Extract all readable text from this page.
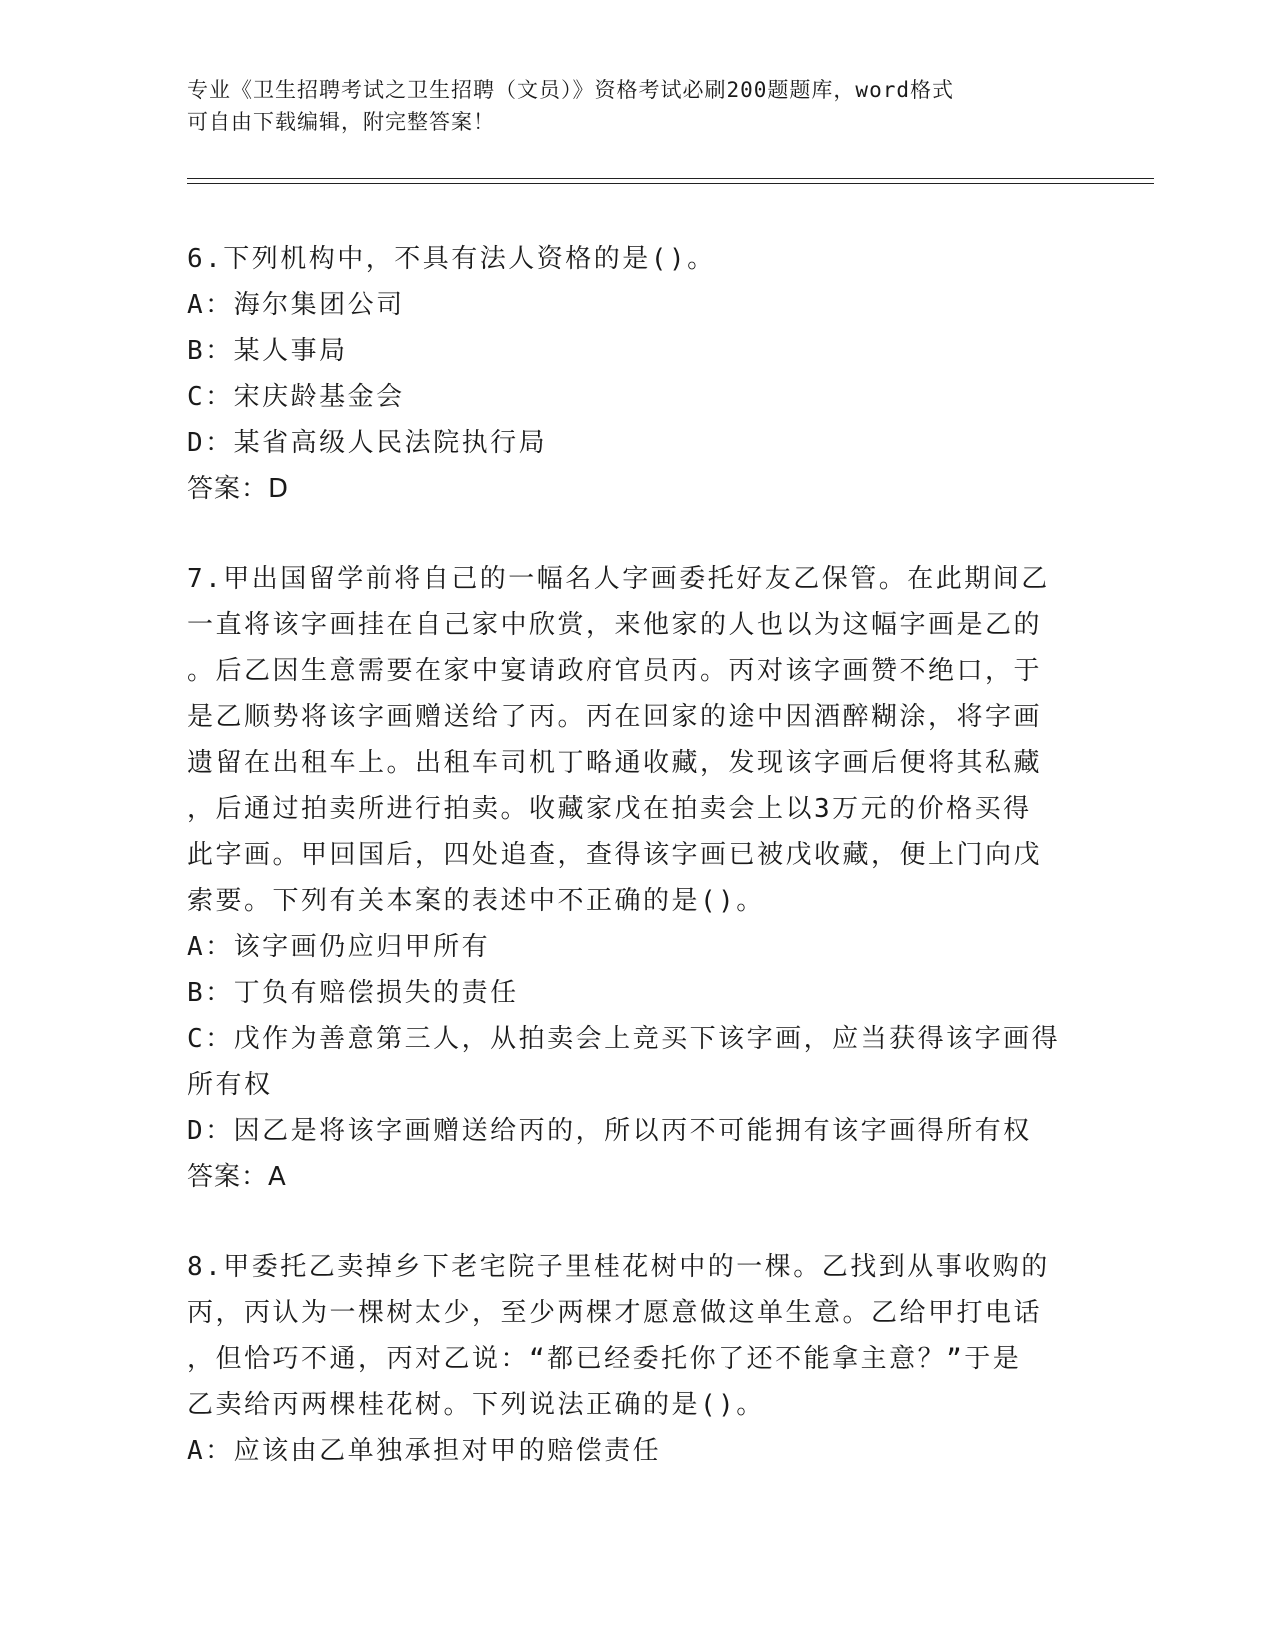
专业《卫生招聘考试之卫生招聘（文员）》资格考试必刷200题题库，word格式
可自由下载编辑，附完整答案！
6.下列机构中，不具有法人资格的是()。
A：海尔集团公司
B：某人事局
C：宋庆龄基金会
D：某省高级人民法院执行局
答案：D
7.甲出国留学前将自己的一幅名人字画委托好友乙保管。在此期间乙
一直将该字画挂在自己家中欣赏，来他家的人也以为这幅字画是乙的
。后乙因生意需要在家中宴请政府官员丙。丙对该字画赞不绝口，于
是乙顺势将该字画赠送给了丙。丙在回家的途中因酒醉糊涂，将字画
遗留在出租车上。出租车司机丁略通收藏，发现该字画后便将其私藏
，后通过拍卖所进行拍卖。收藏家戊在拍卖会上以3万元的价格买得
此字画。甲回国后，四处追查，查得该字画已被戊收藏，便上门向戊
索要。下列有关本案的表述中不正确的是()。
A：该字画仍应归甲所有
B：丁负有赔偿损失的责任
C：戊作为善意第三人，从拍卖会上竞买下该字画，应当获得该字画得
所有权
D：因乙是将该字画赠送给丙的，所以丙不可能拥有该字画得所有权
答案：A
8.甲委托乙卖掉乡下老宅院子里桂花树中的一棵。乙找到从事收购的
丙，丙认为一棵树太少，至少两棵才愿意做这单生意。乙给甲打电话
，但恰巧不通，丙对乙说：“都已经委托你了还不能拿主意？”于是
乙卖给丙两棵桂花树。下列说法正确的是()。
A：应该由乙单独承担对甲的赔偿责任
